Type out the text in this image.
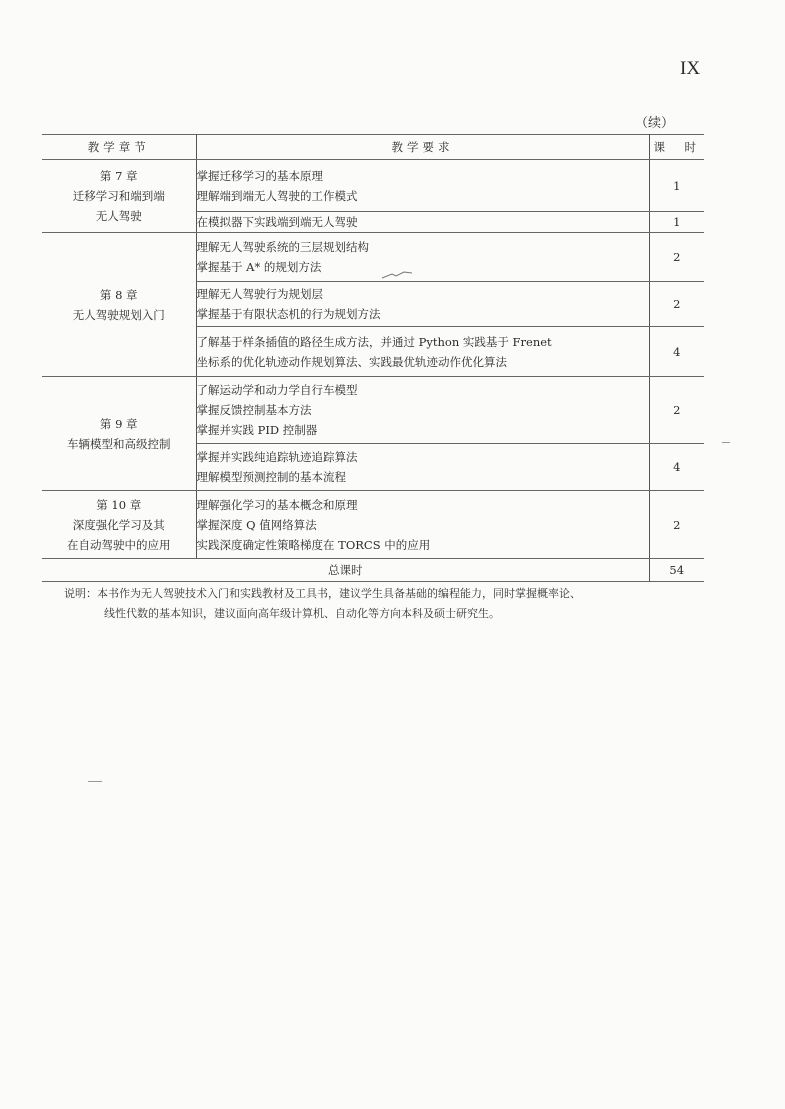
IX
（续）
教学章节	教学要求	课　时

第 7 章
迁移学习和端到端
无人驾驶	掌握迁移学习的基本原理
理解端到端无人驾驶的工作模式	1

	在模拟器下实践端到端无人驾驶	1

第 8 章
无人驾驶规划入门	理解无人驾驶系统的三层规划结构
掌握基于 A* 的规划方法	2

	理解无人驾驶行为规划层
掌握基于有限状态机的行为规划方法	2

	了解基于样条插值的路径生成方法，并通过 Python 实践基于 Frenet
坐标系的优化轨迹动作规划算法、实践最优轨迹动作优化算法	4

第 9 章
车辆模型和高级控制	了解运动学和动力学自行车模型
掌握反馈控制基本方法
掌握并实践 PID 控制器	2

	掌握并实践纯追踪轨迹追踪算法
理解模型预测控制的基本流程	4

第 10 章
深度强化学习及其
在自动驾驶中的应用	理解强化学习的基本概念和原理
掌握深度 Q 值网络算法
实践深度确定性策略梯度在 TORCS 中的应用	2
总课时		54
说明：本书作为无人驾驶技术入门和实践教材及工具书，建议学生具备基础的编程能力，同时掌握概率论、
线性代数的基本知识，建议面向高年级计算机、自动化等方向本科及硕士研究生。
